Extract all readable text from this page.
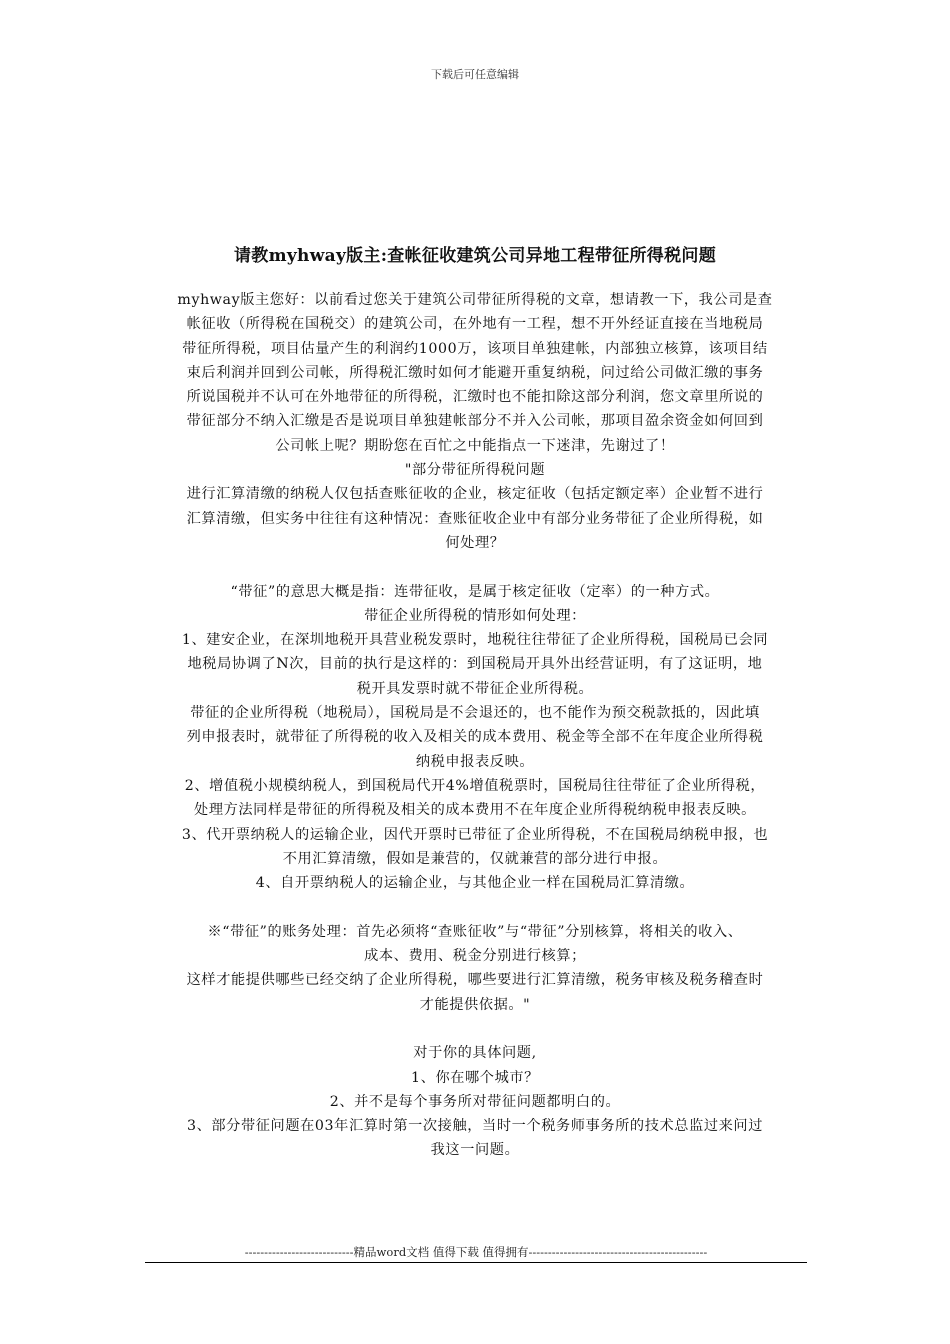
下载后可任意编辑
请教myhway版主:查帐征收建筑公司异地工程带征所得税问题
myhway版主您好：以前看过您关于建筑公司带征所得税的文章，想请教一下，我公司是查
帐征收（所得税在国税交）的建筑公司，在外地有一工程，想不开外经证直接在当地税局
带征所得税，项目估量产生的利润约1000万，该项目单独建帐，内部独立核算，该项目结
束后利润并回到公司帐，所得税汇缴时如何才能避开重复纳税，问过给公司做汇缴的事务
所说国税并不认可在外地带征的所得税，汇缴时也不能扣除这部分利润，您文章里所说的
带征部分不纳入汇缴是否是说项目单独建帐部分不并入公司帐，那项目盈余资金如何回到
公司帐上呢？期盼您在百忙之中能指点一下迷津，先谢过了！
"部分带征所得税问题
进行汇算清缴的纳税人仅包括查账征收的企业，核定征收（包括定额定率）企业暂不进行
汇算清缴，但实务中往往有这种情况：查账征收企业中有部分业务带征了企业所得税，如
何处理？
“带征”的意思大概是指：连带征收，是属于核定征收（定率）的一种方式。
带征企业所得税的情形如何处理：
1、建安企业，在深圳地税开具营业税发票时，地税往往带征了企业所得税，国税局已会同
地税局协调了N次，目前的执行是这样的：到国税局开具外出经营证明，有了这证明，地
税开具发票时就不带征企业所得税。
带征的企业所得税（地税局），国税局是不会退还的，也不能作为预交税款抵的，因此填
列申报表时，就带征了所得税的收入及相关的成本费用、税金等全部不在年度企业所得税
纳税申报表反映。
2、增值税小规模纳税人，到国税局代开4%增值税票时，国税局往往带征了企业所得税，
处理方法同样是带征的所得税及相关的成本费用不在年度企业所得税纳税申报表反映。
3、代开票纳税人的运输企业，因代开票时已带征了企业所得税，不在国税局纳税申报，也
不用汇算清缴，假如是兼营的，仅就兼营的部分进行申报。
4、自开票纳税人的运输企业，与其他企业一样在国税局汇算清缴。
※“带征”的账务处理：首先必须将“查账征收”与“带征”分别核算，将相关的收入、
成本、费用、税金分别进行核算；
这样才能提供哪些已经交纳了企业所得税，哪些要进行汇算清缴，税务审核及税务稽查时
才能提供依据。"
对于你的具体问题,
1、你在哪个城市？
2、并不是每个事务所对带征问题都明白的。
3、部分带征问题在03年汇算时第一次接触，当时一个税务师事务所的技术总监过来问过
我这一问题。
----------------------------精品word文档 值得下载 值得拥有----------------------------------------------
